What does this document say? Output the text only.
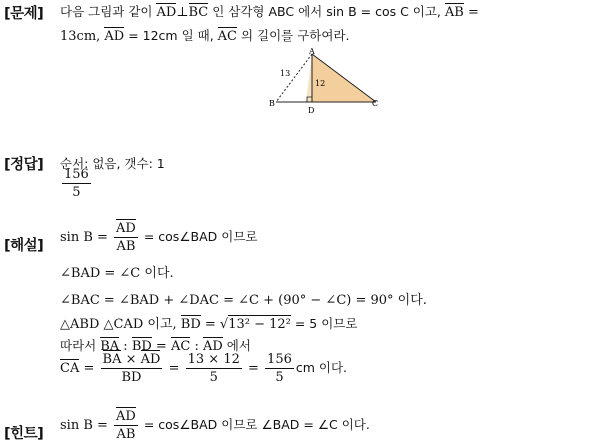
[문제] 다음 그림과 같이 AD⊥BC 인 삼각형 ABC 에서 sin B = cos C 이고, AB =
13cm, AD = 12cm 일 때, AC 의 길이를 구하여라.
A
B	C
D
13
12
[정답] 순서: 없음, 갯수: 1
$\frac{156}{5}$
[해설]
$\sin B = \frac{AD}{AB}$ = cos∠BAD 이므로
∠BAD = ∠C 이다.
∠BAC = ∠BAD + ∠DAC = ∠C + (90° − ∠C) = 90° 이다.
△ABD △CAD 이고, BD = √13² − 12² = 5 이므로
따라서 BA : BD = AC : AD 에서
CA = $\frac{BA \times AD}{BD} = \frac{13 \times 12}{5} = \frac{156}{5}$ cm 이다.
[힌트]
$\sin B = \frac{AD}{AB}$ = cos∠BAD 이므로 ∠BAD = ∠C 이다.
